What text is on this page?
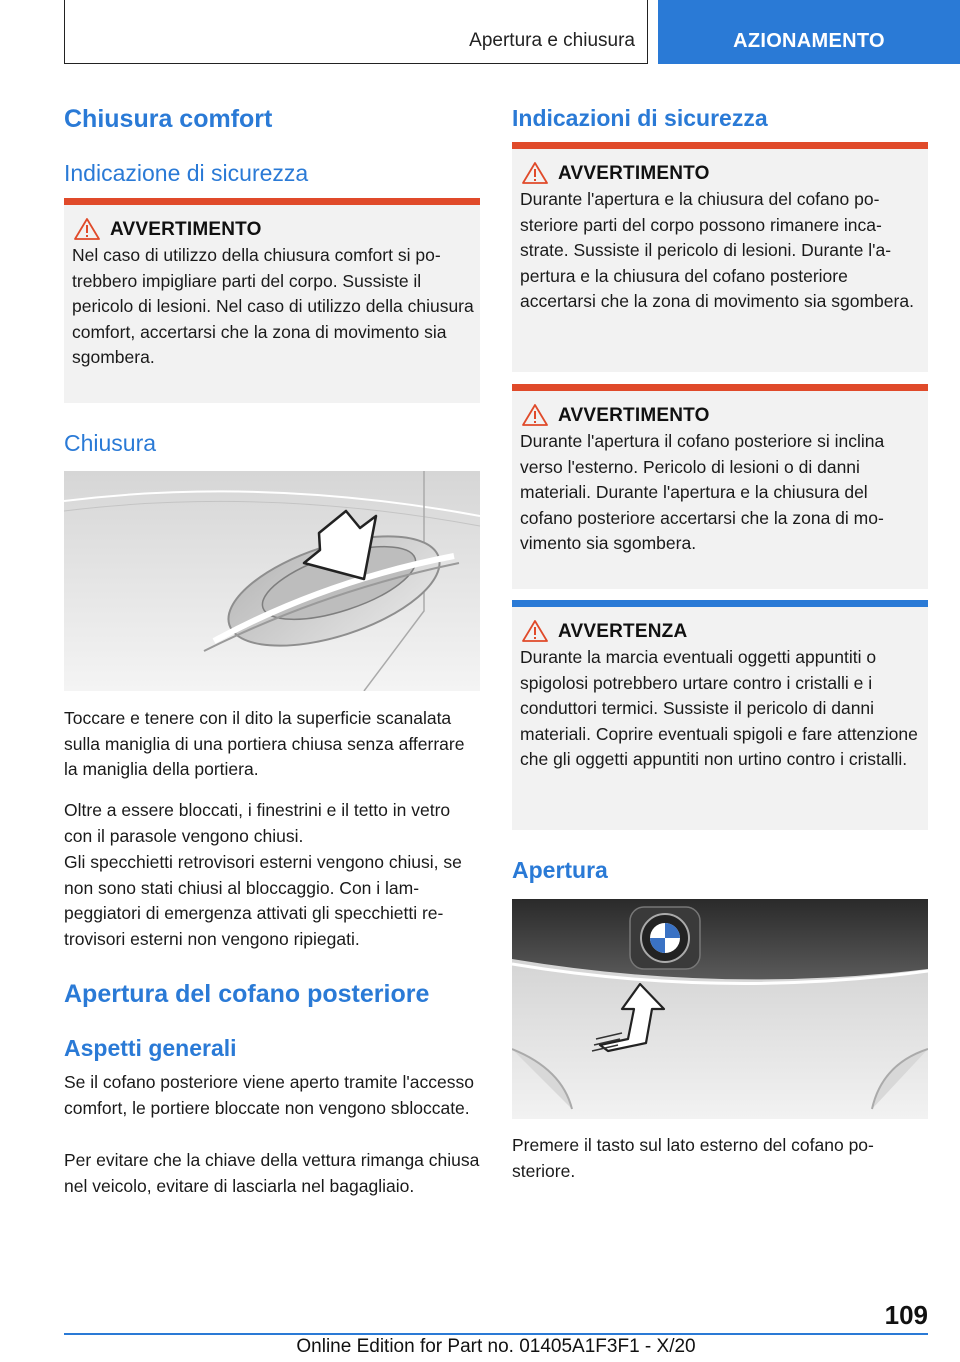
Apertura e chiusura	AZIONAMENTO
Chiusura comfort
Indicazione di sicurezza
AVVERTIMENTO

Nel caso di utilizzo della chiusura comfort si potrebbero impigliare parti del corpo. Sussiste il pericolo di lesioni. Nel caso di utilizzo della chiusura comfort, accertarsi che la zona di movimento sia sgombera.

Chiusura

Toccare e tenere con il dito la superficie scanalata sulla maniglia di una portiera chiusa senza afferrare la maniglia della portiera.

Oltre a essere bloccati, i finestrini e il tetto in vetro con il parasole vengono chiusi.

Gli specchietti retrovisori esterni vengono chiusi, se non sono stati chiusi al bloccaggio. Con i lampeggiatori di emergenza attivati gli specchietti retrovisori esterni non vengono ripiegati.

Apertura del cofano posteriore
Aspetti generali

Se il cofano posteriore viene aperto tramite l'accesso comfort, le portiere bloccate non vengono sbloccate.

Per evitare che la chiave della vettura rimanga chiusa nel veicolo, evitare di lasciarla nel bagagliaio.

Indicazioni di sicurezza
AVVERTIMENTO

Durante l'apertura e la chiusura del cofano posteriore parti del corpo possono rimanere incastrate. Sussiste il pericolo di lesioni. Durante l'apertura e la chiusura del cofano posteriore accertarsi che la zona di movimento sia sgombera.

AVVERTIMENTO

Durante l'apertura il cofano posteriore si inclina verso l'esterno. Pericolo di lesioni o di danni materiali. Durante l'apertura e la chiusura del cofano posteriore accertarsi che la zona di movimento sia sgombera.

AVVERTENZA

Durante la marcia eventuali oggetti appuntiti o spigolosi potrebbero urtare contro i cristalli e i conduttori termici. Sussiste il pericolo di danni materiali. Coprire eventuali spigoli e fare attenzione che gli oggetti appuntiti non urtino contro i cristalli.

Apertura

Premere il tasto sul lato esterno del cofano posteriore.

109
Online Edition for Part no. 01405A1F3F1 - X/20
